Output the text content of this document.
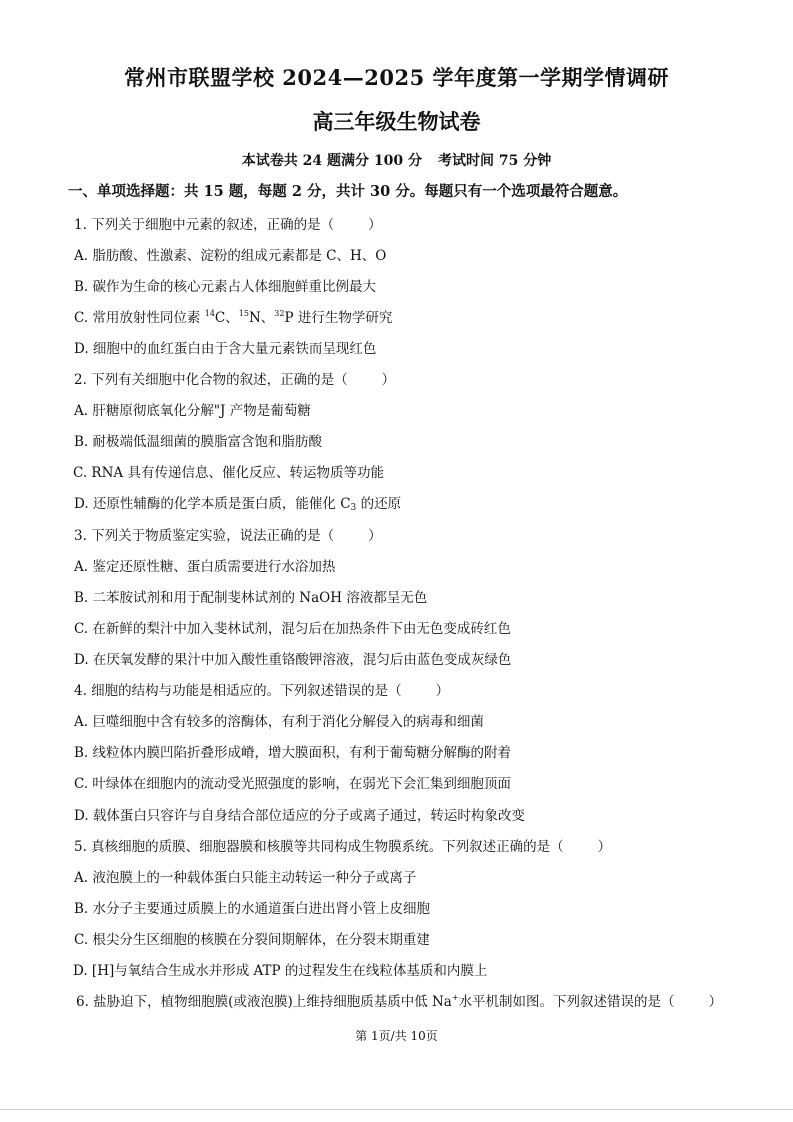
常州市联盟学校 2024—2025 学年度第一学期学情调研
高三年级生物试卷
本试卷共 24 题满分 100 分 考试时间 75 分钟
一、单项选择题：共 15 题，每题 2 分，共计 30 分。每题只有一个选项最符合题意。
1. 下列关于细胞中元素的叙述，正确的是（	）
A. 脂肪酸、性激素、淀粉的组成元素都是 C、H、O
B. 碳作为生命的核心元素占人体细胞鲜重比例最大
C. 常用放射性同位素 $^{14}$C、$^{15}$N、$^{32}$P 进行生物学研究
D. 细胞中的血红蛋白由于含大量元素铁而呈现红色
2. 下列有关细胞中化合物的叙述，正确的是（	）
A. 肝糖原彻底氧化分解"J 产物是葡萄糖
B. 耐极端低温细菌的膜脂富含饱和脂肪酸
C. RNA 具有传递信息、催化反应、转运物质等功能
D. 还原性辅酶的化学本质是蛋白质，能催化 $C_3$ 的还原
3. 下列关于物质鉴定实验，说法正确的是（	）
A. 鉴定还原性糖、蛋白质需要进行水浴加热
B. 二苯胺试剂和用于配制斐林试剂的 NaOH 溶液都呈无色
C. 在新鲜的梨汁中加入斐林试剂，混匀后在加热条件下由无色变成砖红色
D. 在厌氧发酵的果汁中加入酸性重铬酸钾溶液，混匀后由蓝色变成灰绿色
4. 细胞的结构与功能是相适应的。下列叙述错误的是（	）
A. 巨噬细胞中含有较多的溶酶体，有利于消化分解侵入的病毒和细菌
B. 线粒体内膜凹陷折叠形成嵴，增大膜面积，有利于葡萄糖分解酶的附着
C. 叶绿体在细胞内的流动受光照强度的影响，在弱光下会汇集到细胞顶面
D. 载体蛋白只容许与自身结合部位适应的分子或离子通过，转运时构象改变
5. 真核细胞的质膜、细胞器膜和核膜等共同构成生物膜系统。下列叙述正确的是（	）
A. 液泡膜上的一种载体蛋白只能主动转运一种分子或离子
B. 水分子主要通过质膜上的水通道蛋白进出肾小管上皮细胞
C. 根尖分生区细胞的核膜在分裂间期解体，在分裂末期重建
D. [H]与氧结合生成水并形成 ATP 的过程发生在线粒体基质和内膜上
6. 盐胁迫下，植物细胞膜(或液泡膜)上维持细胞质基质中低 Na+水平机制如图。下列叙述错误的是（	）
第 1页/共 10页
